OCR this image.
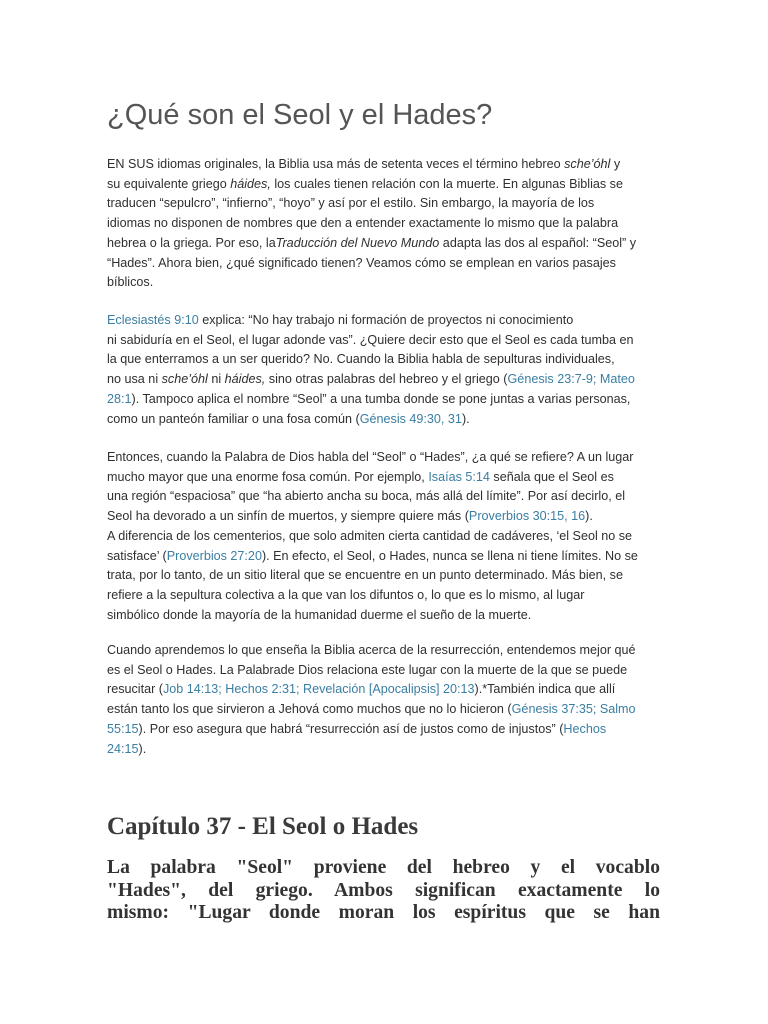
¿Qué son el Seol y el Hades?
EN SUS idiomas originales, la Biblia usa más de setenta veces el término hebreo sche’óhl y
su equivalente griego háides, los cuales tienen relación con la muerte. En algunas Biblias se
traducen “sepulcro”, “infierno”, “hoyo” y así por el estilo. Sin embargo, la mayoría de los
idiomas no disponen de nombres que den a entender exactamente lo mismo que la palabra
hebrea o la griega. Por eso, laTraducción del Nuevo Mundo adapta las dos al español: “Seol” y
“Hades”. Ahora bien, ¿qué significado tienen? Veamos cómo se emplean en varios pasajes
bíblicos.
Eclesiastés 9:10 explica: “No hay trabajo ni formación de proyectos ni conocimiento
ni sabiduría en el Seol, el lugar adonde vas”. ¿Quiere decir esto que el Seol es cada tumba en
la que enterramos a un ser querido? No. Cuando la Biblia habla de sepulturas individuales,
no usa ni sche’óhl ni háides, sino otras palabras del hebreo y el griego (Génesis 23:7-9; Mateo
28:1). Tampoco aplica el nombre “Seol” a una tumba donde se pone juntas a varias personas,
como un panteón familiar o una fosa común (Génesis 49:30, 31).
Entonces, cuando la Palabra de Dios habla del “Seol” o “Hades”, ¿a qué se refiere? A un lugar
mucho mayor que una enorme fosa común. Por ejemplo, Isaías 5:14 señala que el Seol es
una región “espaciosa” que “ha abierto ancha su boca, más allá del límite”. Por así decirlo, el
Seol ha devorado a un sinfín de muertos, y siempre quiere más (Proverbios 30:15, 16).
A diferencia de los cementerios, que solo admiten cierta cantidad de cadáveres, ‘el Seol no se
satisface’ (Proverbios 27:20). En efecto, el Seol, o Hades, nunca se llena ni tiene límites. No se
trata, por lo tanto, de un sitio literal que se encuentre en un punto determinado. Más bien, se
refiere a la sepultura colectiva a la que van los difuntos o, lo que es lo mismo, al lugar
simbólico donde la mayoría de la humanidad duerme el sueño de la muerte.
Cuando aprendemos lo que enseña la Biblia acerca de la resurrección, entendemos mejor qué
es el Seol o Hades. La Palabrade Dios relaciona este lugar con la muerte de la que se puede
resucitar (Job 14:13; Hechos 2:31; Revelación [Apocalipsis] 20:13).*También indica que allí
están tanto los que sirvieron a Jehová como muchos que no lo hicieron (Génesis 37:35; Salmo
55:15). Por eso asegura que habrá “resurrección así de justos como de injustos” (Hechos
24:15).
Capítulo 37 - El Seol o Hades
La palabra "Seol" proviene del hebreo y el vocablo
"Hades", del griego. Ambos significan exactamente lo
mismo: "Lugar donde moran los espíritus que se han
